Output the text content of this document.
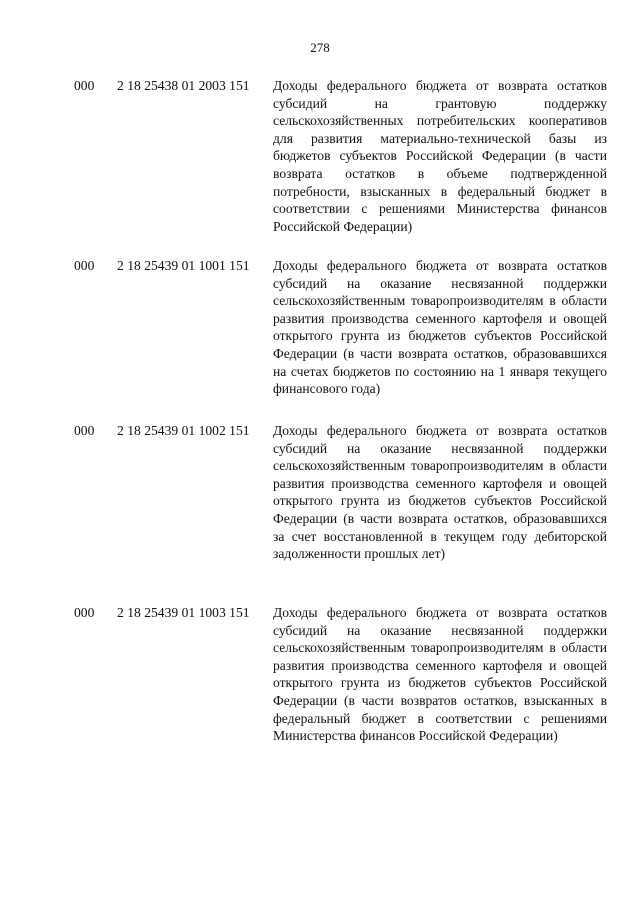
278
000	2 18 25438 01 2003 151	Доходы федерального бюджета от возврата остатков субсидий на грантовую поддержку сельскохозяйственных потребительских кооперативов для развития материально-технической базы из бюджетов субъектов Российской Федерации (в части возврата остатков в объеме подтвержденной потребности, взысканных в федеральный бюджет в соответствии с решениями Министерства финансов Российской Федерации)

000	2 18 25439 01 1001 151	Доходы федерального бюджета от возврата остатков субсидий на оказание несвязанной поддержки сельскохозяйственным товаропроизводителям в области развития производства семенного картофеля и овощей открытого грунта из бюджетов субъектов Российской Федерации (в части возврата остатков, образовавшихся на счетах бюджетов по состоянию на 1 января текущего финансового года)

000	2 18 25439 01 1002 151	Доходы федерального бюджета от возврата остатков субсидий на оказание несвязанной поддержки сельскохозяйственным товаропроизводителям в области развития производства семенного картофеля и овощей открытого грунта из бюджетов субъектов Российской Федерации (в части возврата остатков, образовавшихся за счет восстановленной в текущем году дебиторской задолженности прошлых лет)

000	2 18 25439 01 1003 151	Доходы федерального бюджета от возврата остатков субсидий на оказание несвязанной поддержки сельскохозяйственным товаропроизводителям в области развития производства семенного картофеля и овощей открытого грунта из бюджетов субъектов Российской Федерации (в части возвратов остатков, взысканных в федеральный бюджет в соответствии с решениями Министерства финансов Российской Федерации)
